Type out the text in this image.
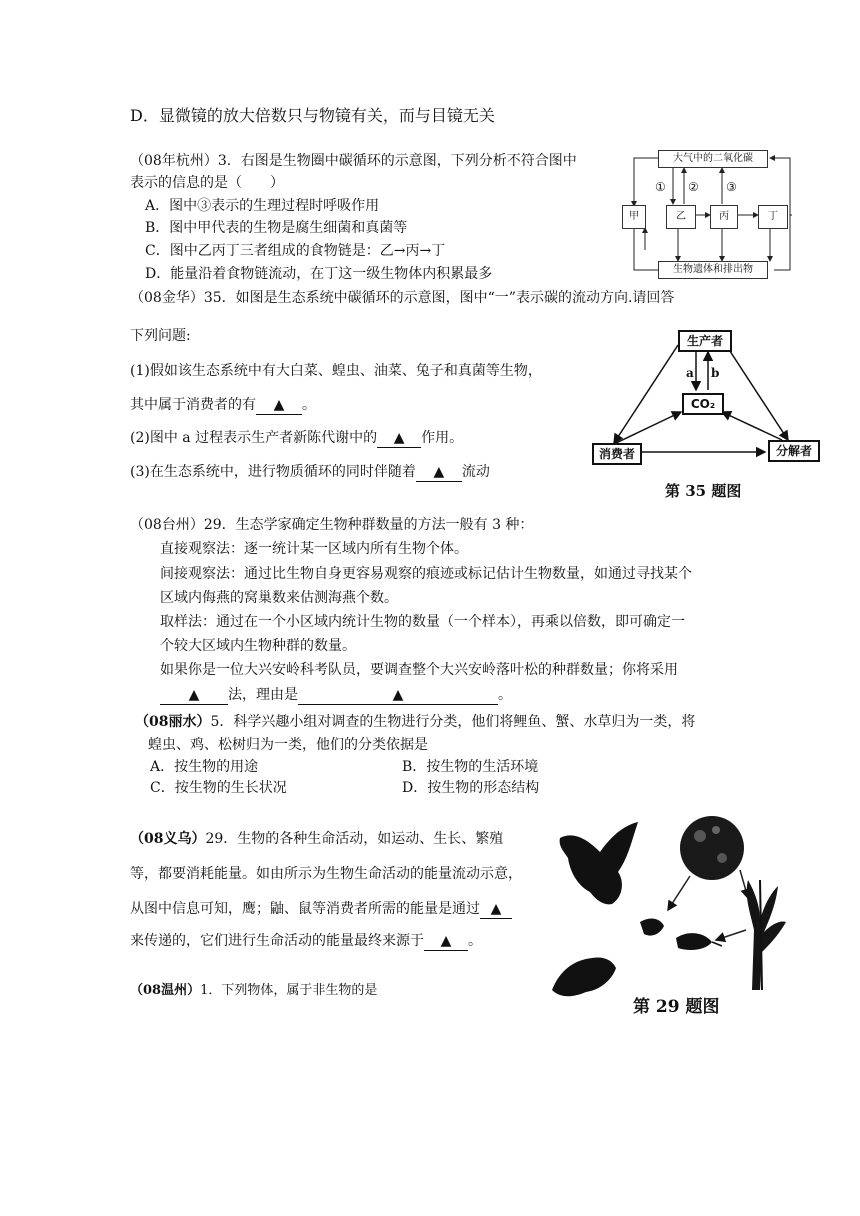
D．显微镜的放大倍数只与物镜有关，而与目镜无关
（08年杭州）3．右图是生物圈中碳循环的示意图，下列分析不符合图中
表示的信息的是（　　）
A．图中③表示的生理过程时呼吸作用
B．图中甲代表的生物是腐生细菌和真菌等
C．图中乙丙丁三者组成的食物链是：乙→丙→丁
D．能量沿着食物链流动，在丁这一级生物体内积累最多
大气中的二氧化碳
甲	乙	丙	丁
生物遗体和排出物
① ② ③
（08金华）35．如图是生态系统中碳循环的示意图，图中“一”表示碳的流动方向.请回答
下列问题:
(1)假如该生态系统中有大白菜、蝗虫、油菜、兔子和真菌等生物，
其中属于消费者的有 ▲ 。
(2)图中 a 过程表示生产者新陈代谢中的 ▲ 作用。
(3)在生态系统中，进行物质循环的同时伴随着 ▲ 流动
生产者
CO₂
消费者	分解者
a b
第 35 题图
（08台州）29．生态学家确定生物种群数量的方法一般有 3 种：
直接观察法：逐一统计某一区域内所有生物个体。
间接观察法：通过比生物自身更容易观察的痕迹或标记估计生物数量，如通过寻找某个
区域内侮燕的窝巢数来估测海燕个数。
取样法：通过在一个小区域内统计生物的数量（一个样本），再乘以倍数，即可确定一
个较大区域内生物种群的数量。
如果你是一位大兴安岭科考队员，要调查整个大兴安岭落叶松的种群数量；你将采用
▲ 法，理由是	▲	。
（08丽水）5．科学兴趣小组对调查的生物进行分类，他们将鲤鱼、蟹、水草归为一类，将
蝗虫、鸡、松树归为一类，他们的分类依据是
A．按生物的用途	B．按生物的生活环境
C．按生物的生长状况	D．按生物的形态结构
（08义乌）29．生物的各种生命活动，如运动、生长、繁殖
等，都要消耗能量。如由所示为生物生命活动的能量流动示意，
从图中信息可知，鹰；鼬、鼠等消费者所需的能量是通过 ▲
来传递的，它们进行生命活动的能量最终来源于 ▲ 。
第 29 题图
（08温州）1．下列物体，属于非生物的是
